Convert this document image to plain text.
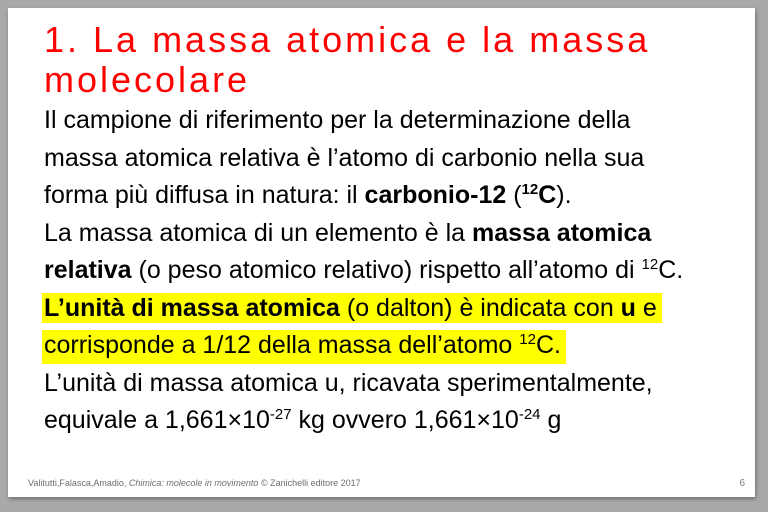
1. La massa atomica e la massa molecolare
Il campione di riferimento per la determinazione della
massa atomica relativa è l’atomo di carbonio nella sua
forma più diffusa in natura: il carbonio-12 ($^{12}$C).
La massa atomica di un elemento è la massa atomica
relativa (o peso atomico relativo) rispetto all’atomo di $^{12}$C.
L’unità di massa atomica (o dalton) è indicata con u e
corrisponde a 1/12 della massa dell’atomo $^{12}$C.
L’unità di massa atomica u, ricavata sperimentalmente,
equivale a $1,661\times 10^{-27}$ kg ovvero $1,661\times 10^{-24}$ g
Valitutti,Falasca,Amadio, Chimica: molecole in movimento © Zanichelli editore 2017	6
